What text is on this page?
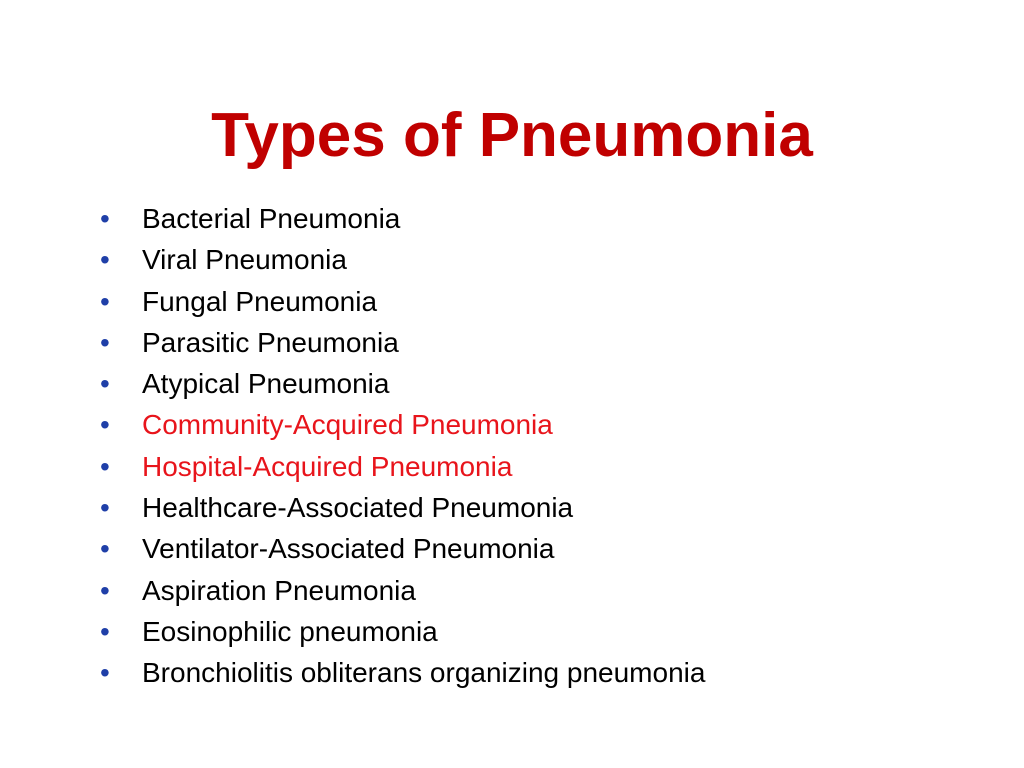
Types of Pneumonia
•	Bacterial Pneumonia
•	Viral Pneumonia
•	Fungal Pneumonia
•	Parasitic Pneumonia
•	Atypical Pneumonia
•	Community-Acquired Pneumonia
•	Hospital-Acquired Pneumonia
•	Healthcare-Associated Pneumonia
•	Ventilator-Associated Pneumonia
•	Aspiration Pneumonia
•	Eosinophilic pneumonia
•	Bronchiolitis obliterans organizing pneumonia
